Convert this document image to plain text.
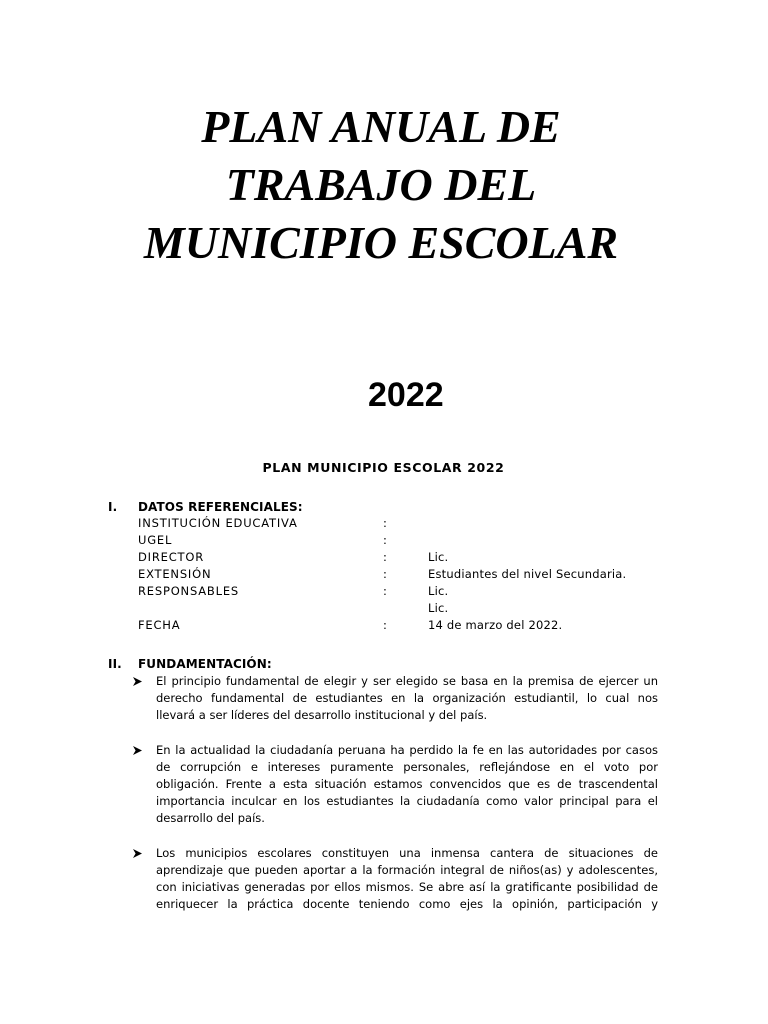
PLAN ANUAL DE
TRABAJO DEL
MUNICIPIO ESCOLAR
2022
PLAN MUNICIPIO ESCOLAR 2022
I. DATOS REFERENCIALES:
INSTITUCIÓN EDUCATIVA	:
UGEL	:
DIRECTOR	:	Lic.
EXTENSIÓN	:	Estudiantes del nivel Secundaria.
RESPONSABLES	:	Lic.
Lic.
FECHA	:	14 de marzo del 2022.
II. FUNDAMENTACIÓN:
El principio fundamental de elegir y ser elegido se basa en la premisa de ejercer un
derecho fundamental de estudiantes en la organización estudiantil, lo cual nos
llevará a ser líderes del desarrollo institucional y del país.
En la actualidad la ciudadanía peruana ha perdido la fe en las autoridades por casos
de corrupción e intereses puramente personales, reflejándose en el voto por
obligación. Frente a esta situación estamos convencidos que es de trascendental
importancia inculcar en los estudiantes la ciudadanía como valor principal para el
desarrollo del país.
Los municipios escolares constituyen una inmensa cantera de situaciones de
aprendizaje que pueden aportar a la formación integral de niños(as) y adolescentes,
con iniciativas generadas por ellos mismos. Se abre así la gratificante posibilidad de
enriquecer la práctica docente teniendo como ejes la opinión, participación y
